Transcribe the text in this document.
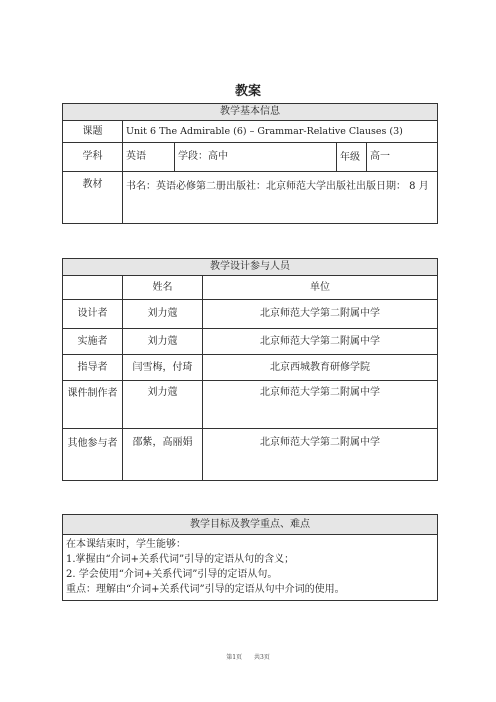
教案
教学基本信息				
课题	Unit 6 The Admirable (6) – Grammar-Relative Clauses (3)			
学科	英语	学段：高中	年级	高一
教材	书名：英语必修第二册出版社：北京师范大学出版社出版日期： 8 月			
教学设计参与人员		
	姓名	单位
设计者	刘力蔻	北京师范大学第二附属中学
实施者	刘力蔻	北京师范大学第二附属中学
指导者	闫雪梅，付琦	北京西城教育研修学院
课件制作者	刘力蔻	北京师范大学第二附属中学
其他参与者	邵紫，高丽娟	北京师范大学第二附属中学
教学目标及教学重点、难点

在本课结束时，学生能够：
1.掌握由“介词+关系代词”引导的定语从句的含义；
2. 学会使用“介词+关系代词”引导的定语从句。
重点：理解由“介词+关系代词”引导的定语从句中介词的使用。
第1页 共3页
